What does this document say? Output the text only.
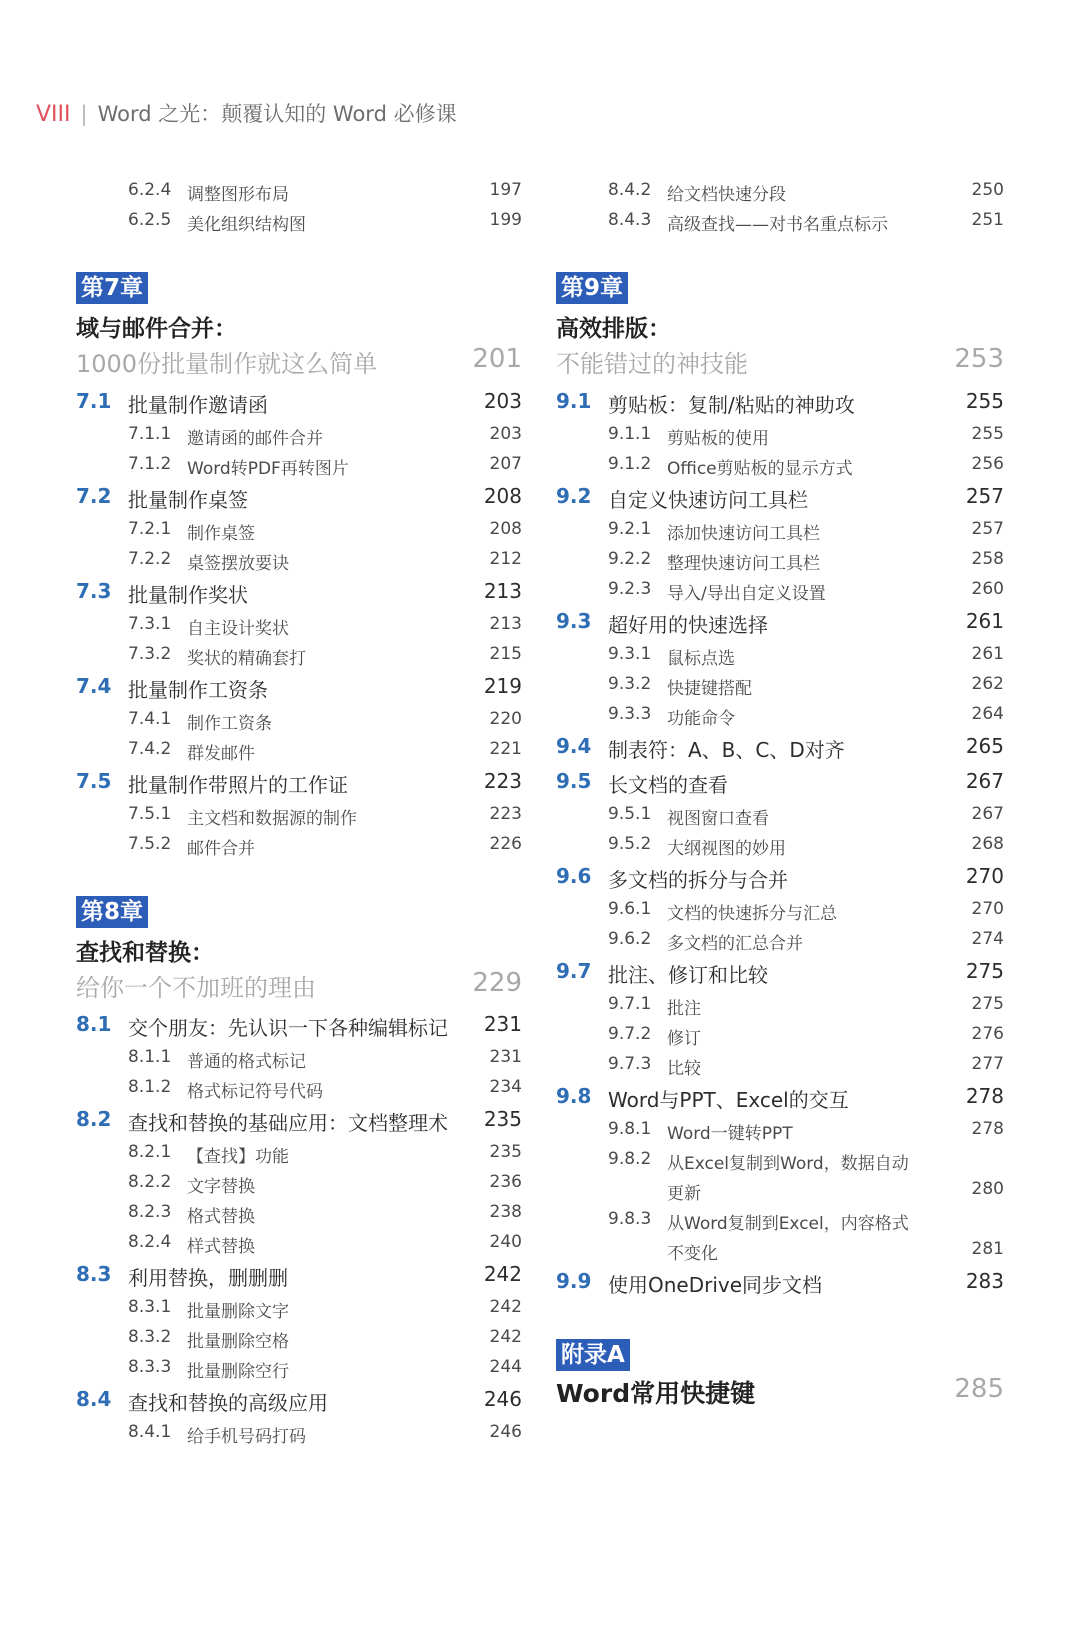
VIII | Word 之光：颠覆认知的 Word 必修课
6.2.4 调整图形布局	197
6.2.5 美化组织结构图	199
第7章
域与邮件合并：
1000份批量制作就这么简单	201
7.1 批量制作邀请函	203
7.1.1 邀请函的邮件合并	203
7.1.2 Word转PDF再转图片	207
7.2 批量制作桌签	208
7.2.1 制作桌签	208
7.2.2 桌签摆放要诀	212
7.3 批量制作奖状	213
7.3.1 自主设计奖状	213
7.3.2 奖状的精确套打	215
7.4 批量制作工资条	219
7.4.1 制作工资条	220
7.4.2 群发邮件	221
7.5 批量制作带照片的工作证	223
7.5.1 主文档和数据源的制作	223
7.5.2 邮件合并	226
第8章
查找和替换：
给你一个不加班的理由	229
8.1 交个朋友：先认识一下各种编辑标记 231
8.1.1 普通的格式标记	231
8.1.2 格式标记符号代码	234
8.2 查找和替换的基础应用：文档整理术 235
8.2.1 【查找】功能	235
8.2.2 文字替换	236
8.2.3 格式替换	238
8.2.4 样式替换	240
8.3 利用替换，删删删	242
8.3.1 批量删除文字	242
8.3.2 批量删除空格	242
8.3.3 批量删除空行	244
8.4 查找和替换的高级应用	246
8.4.1 给手机号码打码	246
8.4.2 给文档快速分段	250
8.4.3 高级查找——对书名重点标示	251
第9章
高效排版：
不能错过的神技能	253
9.1 剪贴板：复制/粘贴的神助攻	255
9.1.1 剪贴板的使用	255
9.1.2 Office剪贴板的显示方式	256
9.2 自定义快速访问工具栏	257
9.2.1 添加快速访问工具栏	257
9.2.2 整理快速访问工具栏	258
9.2.3 导入/导出自定义设置	260
9.3 超好用的快速选择	261
9.3.1 鼠标点选	261
9.3.2 快捷键搭配	262
9.3.3 功能命令	264
9.4 制表符：A、B、C、D对齐	265
9.5 长文档的查看	267
9.5.1 视图窗口查看	267
9.5.2 大纲视图的妙用	268
9.6 多文档的拆分与合并	270
9.6.1 文档的快速拆分与汇总	270
9.6.2 多文档的汇总合并	274
9.7 批注、修订和比较	275
9.7.1 批注	275
9.7.2 修订	276
9.7.3 比较	277
9.8 Word与PPT、Excel的交互	278
9.8.1 Word一键转PPT	278
9.8.2 从Excel复制到Word，数据自动
更新	280
9.8.3 从Word复制到Excel，内容格式
不变化	281
9.9 使用OneDrive同步文档	283
附录A
Word常用快捷键	285
